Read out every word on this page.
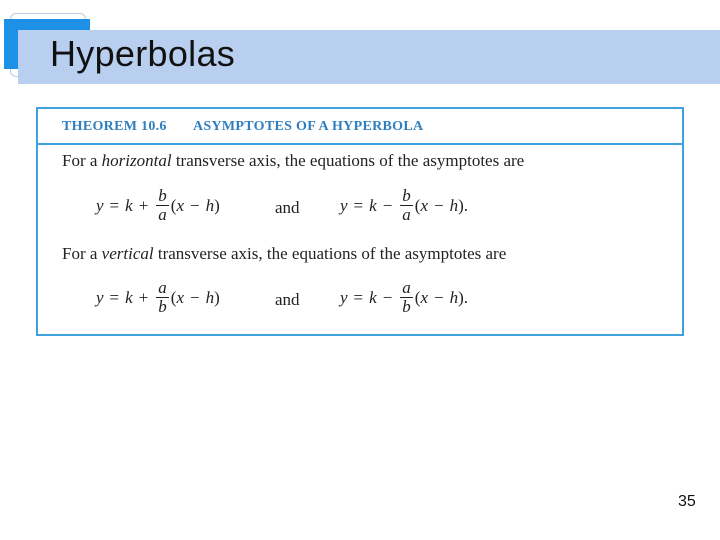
Hyperbolas
THEOREM 10.6 ASYMPTOTES OF A HYPERBOLA
For a horizontal transverse axis, the equations of the asymptotes are
$y = k + \frac{b}{a}$ ( x − h )	and $y = k - \frac{b}{a}$ ( x − h ).
For a vertical transverse axis, the equations of the asymptotes are
$y = k + \frac{a}{b}$ ( x − h )	and $y = k - \frac{a}{b}$ ( x − h ).
35
